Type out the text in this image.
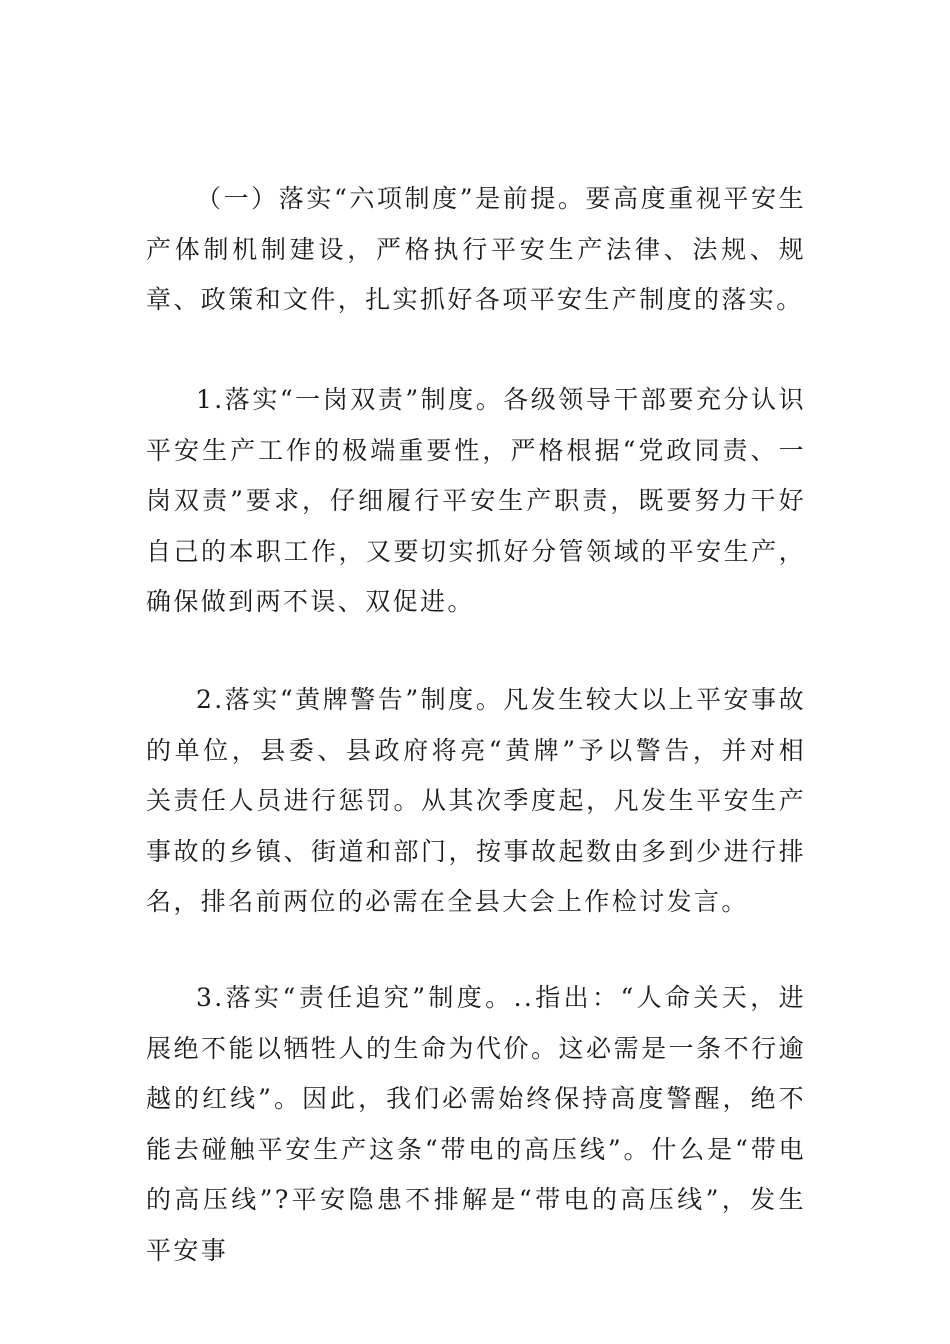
（一）落实“六项制度”是前提。要高度重视平安生产体制机制建设，严格执行平安生产法律、法规、规章、政策和文件，扎实抓好各项平安生产制度的落实。

1.落实“一岗双责”制度。各级领导干部要充分认识平安生产工作的极端重要性，严格根据“党政同责、一岗双责”要求，仔细履行平安生产职责，既要努力干好自己的本职工作，又要切实抓好分管领域的平安生产，确保做到两不误、双促进。

2.落实“黄牌警告”制度。凡发生较大以上平安事故的单位，县委、县政府将亮“黄牌”予以警告，并对相关责任人员进行惩罚。从其次季度起，凡发生平安生产事故的乡镇、街道和部门，按事故起数由多到少进行排名，排名前两位的必需在全县大会上作检讨发言。

3.落实“责任追究”制度。..指出：“人命关天，进展绝不能以牺牲人的生命为代价。这必需是一条不行逾越的红线”。因此，我们必需始终保持高度警醒，绝不能去碰触平安生产这条“带电的高压线”。什么是“带电的高压线”?平安隐患不排解是“带电的高压线”，发生平安事
